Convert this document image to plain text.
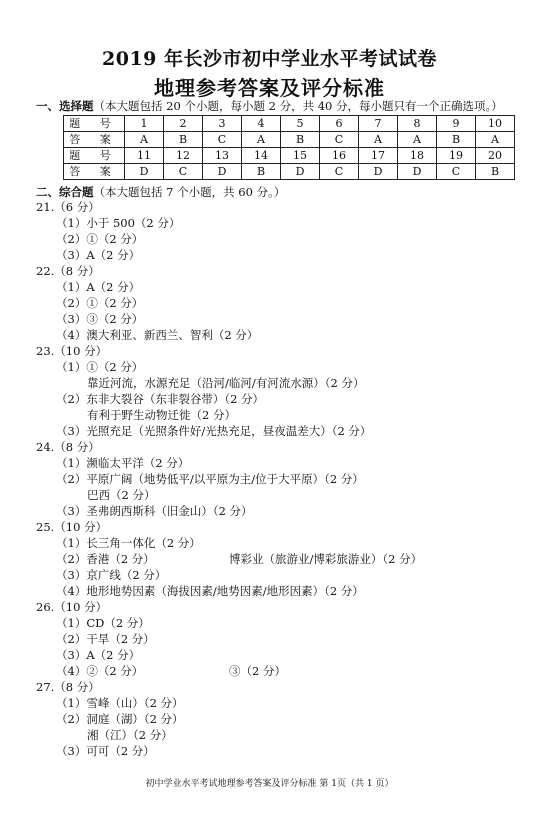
2019 年长沙市初中学业水平考试试卷
地理参考答案及评分标准
一、选择题（本大题包括 20 个小题，每小题 2 分，共 40 分，每小题只有一个正确选项。）
题 号	1	2	3	4	5	6	7	8	9	10
答 案	A	B	C	A	B	C	A	A	B	A
题 号	11	12	13	14	15	16	17	18	19	20
答 案	D	C	D	B	D	C	D	D	C	B
二、综合题（本大题包括 7 个小题，共 60 分。）
21.（6 分）
（1）小于 500（2 分）
（2）①（2 分）
（3）A（2 分）
22.（8 分）
（1）A（2 分）
（2）①（2 分）
（3）③（2 分）
（4）澳大利亚、新西兰、智利（2 分）
23.（10 分）
（1）①（2 分）
靠近河流，水源充足（沿河/临河/有河流水源）（2 分）
（2）东非大裂谷（东非裂谷带）（2 分）
有利于野生动物迁徙（2 分）
（3）光照充足（光照条件好/光热充足，昼夜温差大）（2 分）
24.（8 分）
（1）濒临太平洋（2 分）
（2）平原广阔（地势低平/以平原为主/位于大平原）（2 分）
巴西（2 分）
（3）圣弗朗西斯科（旧金山）（2 分）
25.（10 分）
（1）长三角一体化（2 分）
（2）香港（2 分）	博彩业（旅游业/博彩旅游业）（2 分）
（3）京广线（2 分）
（4）地形地势因素（海拔因素/地势因素/地形因素）（2 分）
26.（10 分）
（1）CD（2 分）
（2）干旱（2 分）
（3）A（2 分）
（4）②（2 分）	③（2 分）
27.（8 分）
（1）雪峰（山）（2 分）
（2）洞庭（湖）（2 分）
湘（江）（2 分）
（3）可可（2 分）
初中学业水平考试地理参考答案及评分标准 第 1页（共 1 页）
